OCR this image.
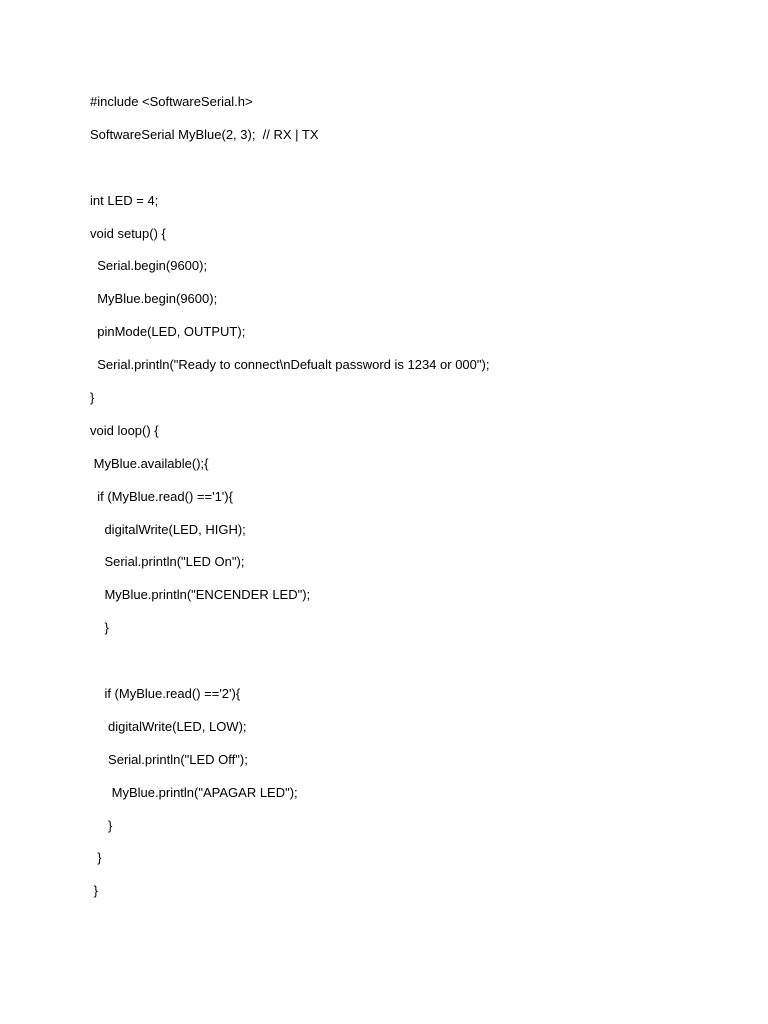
#include <SoftwareSerial.h>
SoftwareSerial MyBlue(2, 3);  // RX | TX
int LED = 4;
void setup() {
Serial.begin(9600);
MyBlue.begin(9600);
pinMode(LED, OUTPUT);
Serial.println("Ready to connect\nDefualt password is 1234 or 000");
}
void loop() {
MyBlue.available();{
if (MyBlue.read() =='1'){
digitalWrite(LED, HIGH);
Serial.println("LED On");
MyBlue.println("ENCENDER LED");
}
if (MyBlue.read() =='2'){
digitalWrite(LED, LOW);
Serial.println("LED Off");
MyBlue.println("APAGAR LED");
}
}
}
